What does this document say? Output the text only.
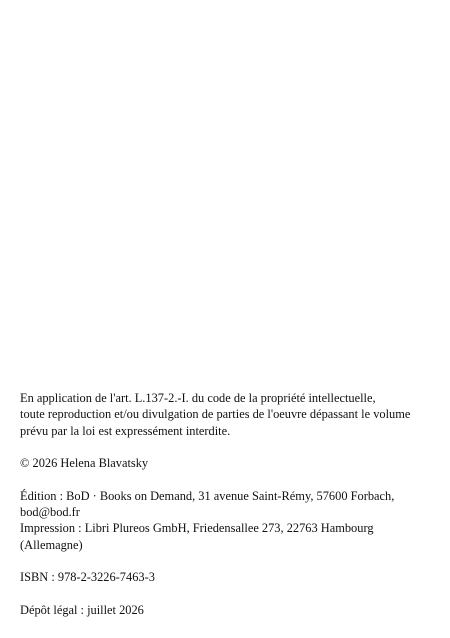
En application de l'art. L.137-2.-I. du code de la propriété intellectuelle,
toute reproduction et/ou divulgation de parties de l'oeuvre dépassant le volume
prévu par la loi est expressément interdite.

© 2026 Helena Blavatsky

Édition : BoD · Books on Demand, 31 avenue Saint-Rémy, 57600 Forbach,
bod@bod.fr
Impression : Libri Plureos GmbH, Friedensallee 273, 22763 Hambourg
(Allemagne)

ISBN : 978-2-3226-7463-3

Dépôt légal : juillet 2026
